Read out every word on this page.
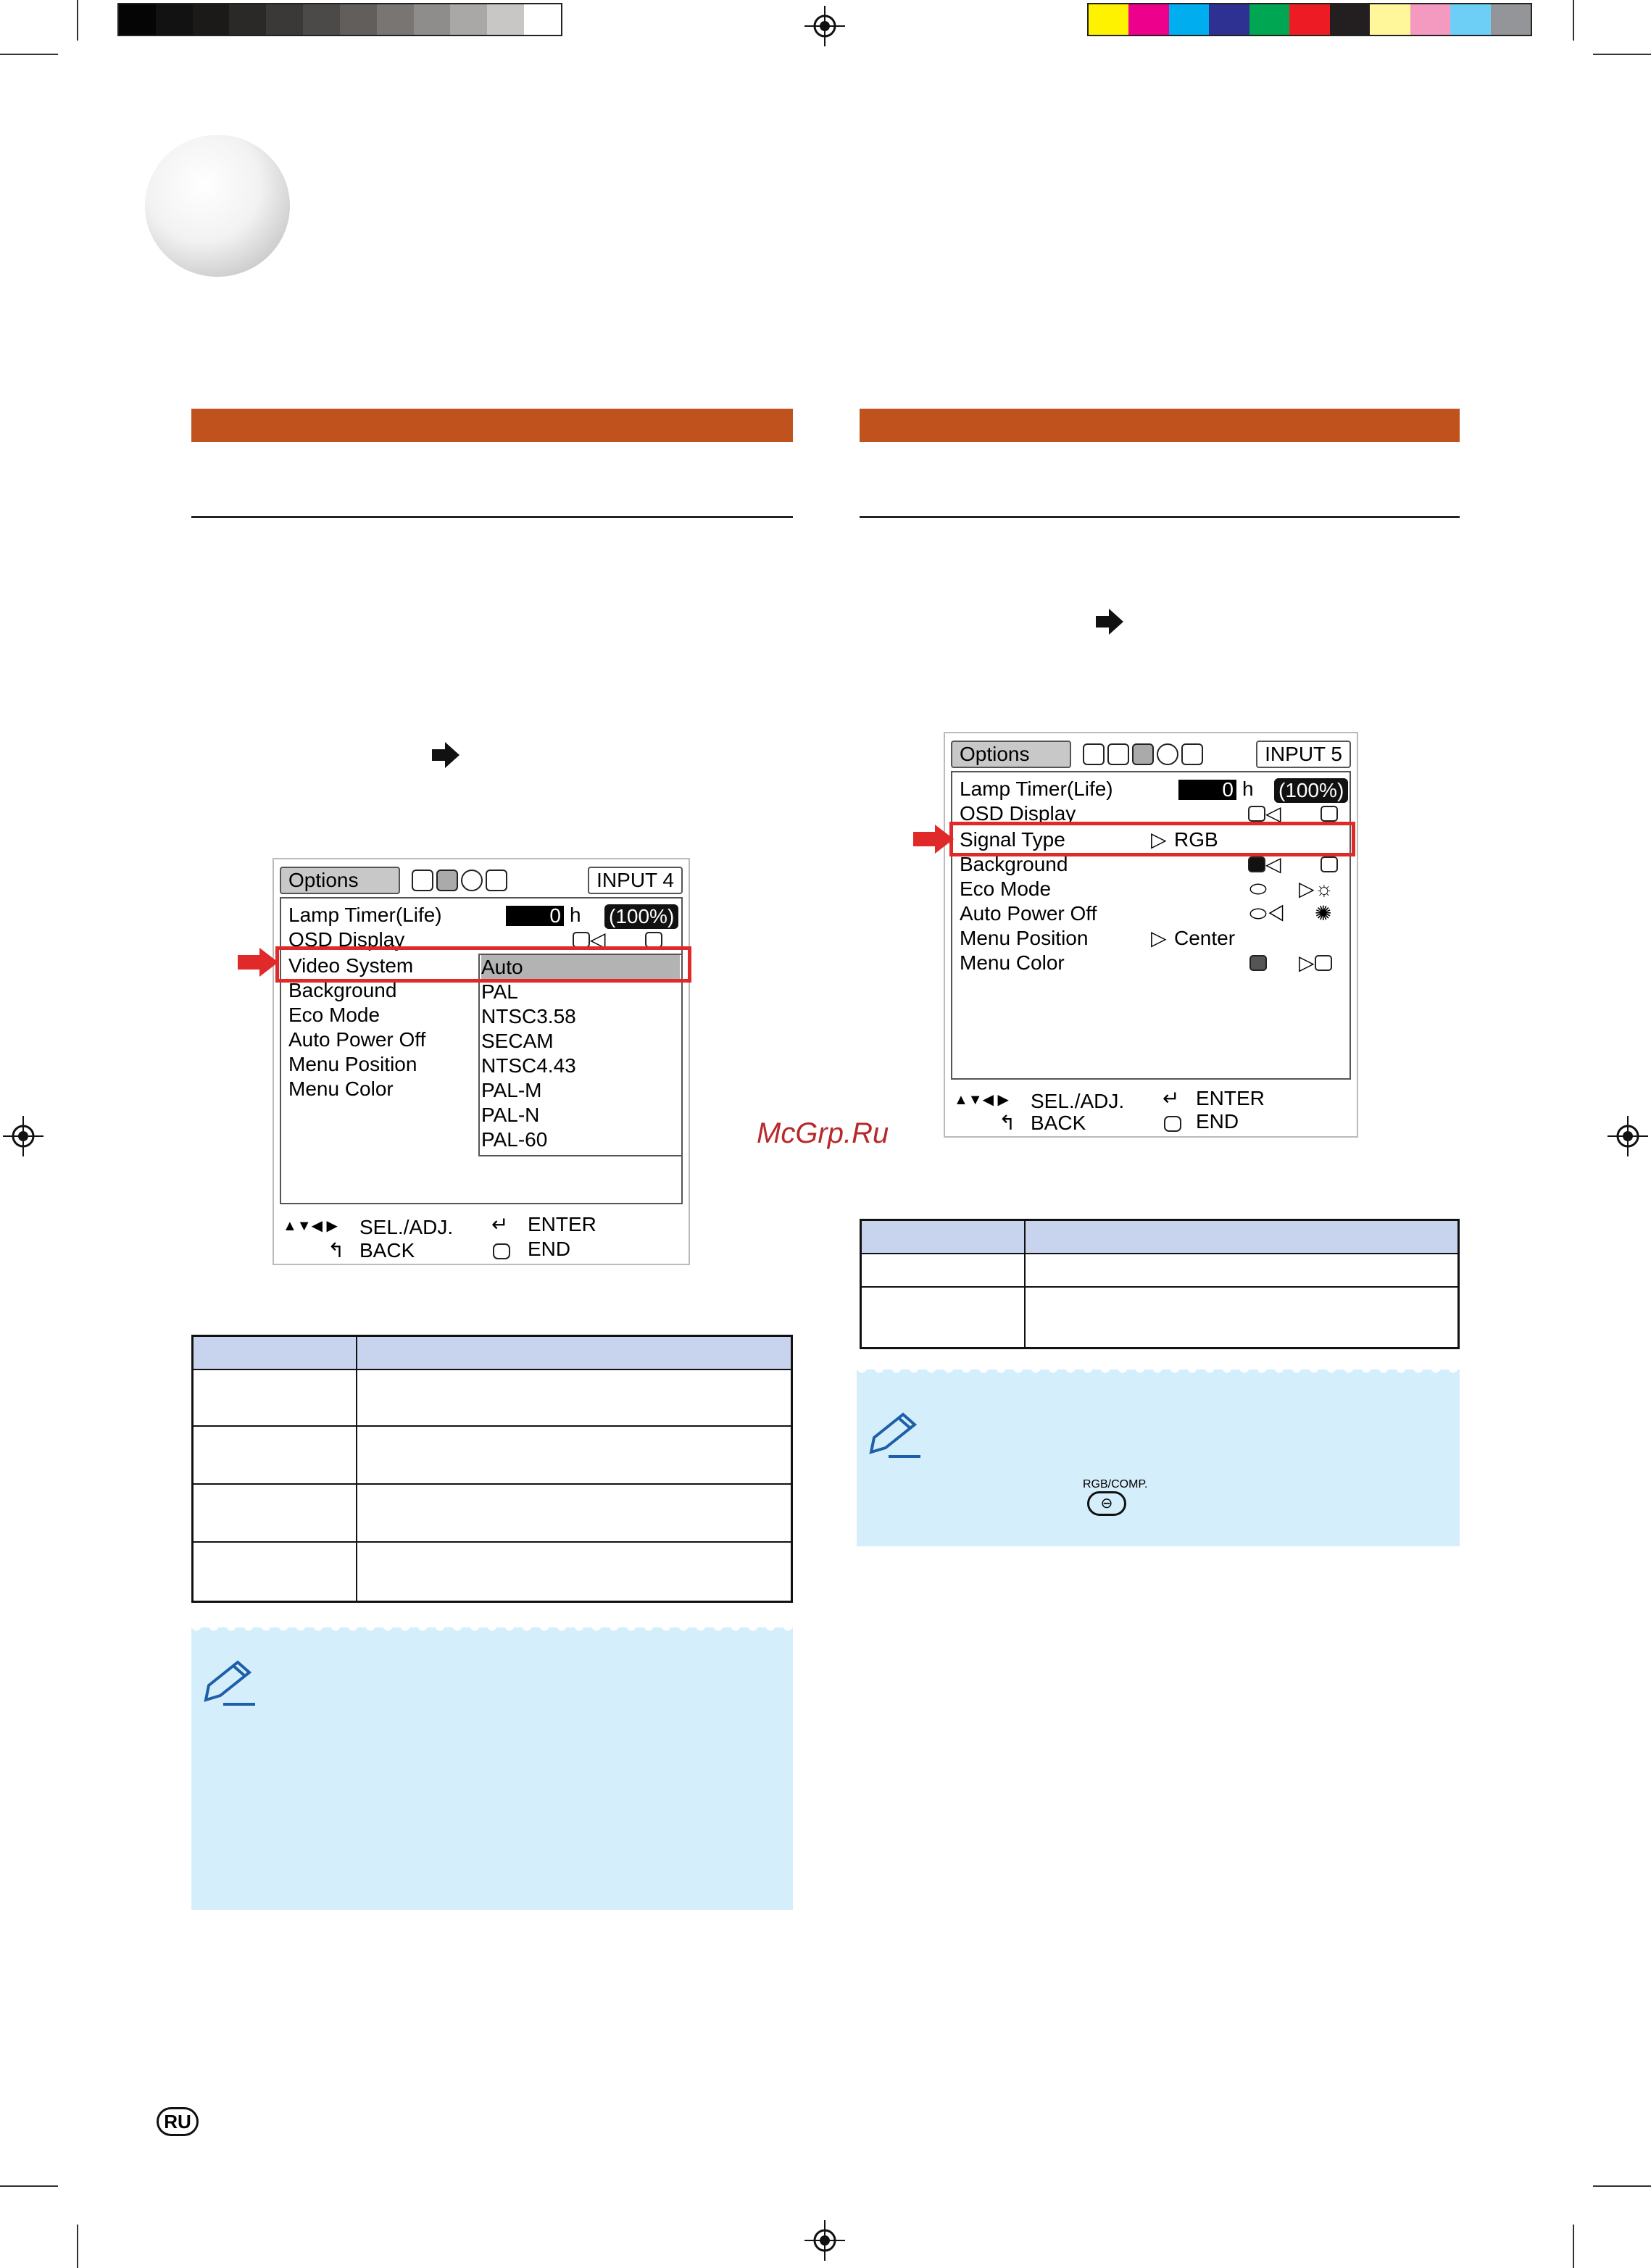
Options	INPUT 4
Lamp Timer(Life)
OSD Display
Video System
Background
Eco Mode
Auto Power Off
Menu Position
Menu Color
0 h (100%)
◁
Auto
PAL
NTSC3.58
SECAM
NTSC4.43
PAL-M
PAL-N
PAL-60
▲▼◀ ▶ SEL./ADJ.
↰ BACK
↵ ENTER
END
Options	INPUT 5
Lamp Timer(Life)
OSD Display
Signal Type
Background
Eco Mode
Auto Power Off
Menu Position
Menu Color
0 h (100%)
◁
▷ RGB
◁
⬭ ▷ ☼
⬭◁ ✺
▷ Center
▷
▲▼◀ ▶ SEL./ADJ.
↰ BACK
↵ ENTER
END
McGrp.Ru
RGB/COMP.
⊖
RU
